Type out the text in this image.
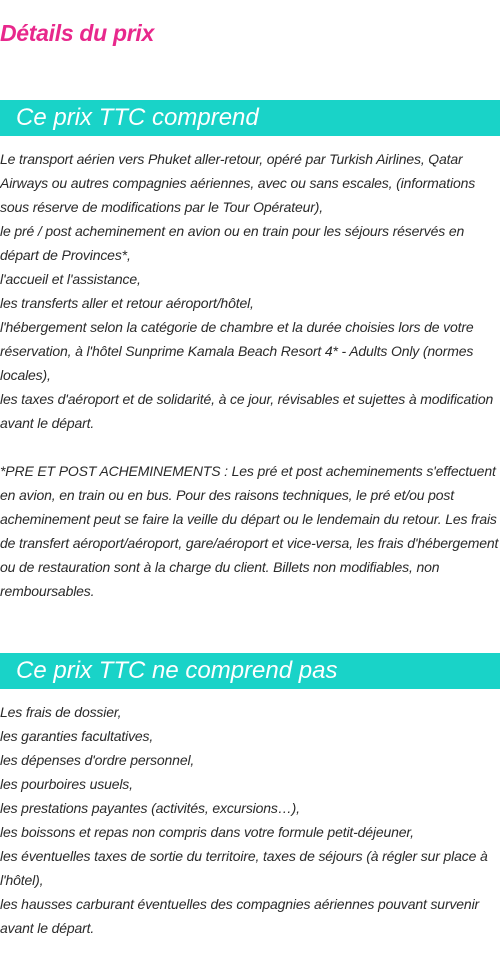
Détails du prix
Ce prix TTC comprend

Le transport aérien vers Phuket aller-retour, opéré par Turkish Airlines, Qatar Airways ou autres compagnies aériennes, avec ou sans escales, (informations sous réserve de modifications par le Tour Opérateur),

le pré / post acheminement en avion ou en train pour les séjours réservés en départ de Provinces*,

l'accueil et l'assistance,

les transferts aller et retour aéroport/hôtel,

l'hébergement selon la catégorie de chambre et la durée choisies lors de votre réservation, à l'hôtel Sunprime Kamala Beach Resort 4* - Adults Only (normes locales),

les taxes d'aéroport et de solidarité, à ce jour, révisables et sujettes à modification avant le départ.

*PRE ET POST ACHEMINEMENTS : Les pré et post acheminements s'effectuent en avion, en train ou en bus. Pour des raisons techniques, le pré et/ou post acheminement peut se faire la veille du départ ou le lendemain du retour. Les frais de transfert aéroport/aéroport, gare/aéroport et vice-versa, les frais d'hébergement ou de restauration sont à la charge du client. Billets non modifiables, non remboursables.

Ce prix TTC ne comprend pas

Les frais de dossier,

les garanties facultatives,

les dépenses d'ordre personnel,

les pourboires usuels,

les prestations payantes (activités, excursions…),

les boissons et repas non compris dans votre formule petit-déjeuner,

les éventuelles taxes de sortie du territoire, taxes de séjours (à régler sur place à l'hôtel),

les hausses carburant éventuelles des compagnies aériennes pouvant survenir avant le départ.
